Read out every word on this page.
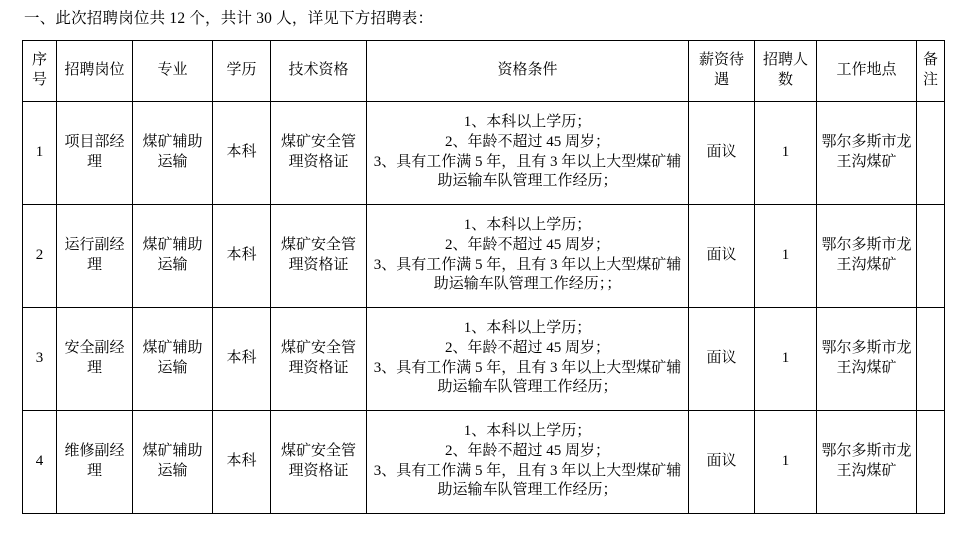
一、此次招聘岗位共 12 个，共计 30 人，详见下方招聘表：
序号	招聘岗位	专业	学历	技术资格	资格条件	薪资待遇	招聘人数	工作地点	备注
1	项目部经理	煤矿辅助运输	本科	煤矿安全管理资格证	1、本科以上学历；
2、年龄不超过 45 周岁；
3、具有工作满 5 年，且有 3 年以上大型煤矿辅助运输车队管理工作经历；	面议	1	鄂尔多斯市龙王沟煤矿	
2	运行副经理	煤矿辅助运输	本科	煤矿安全管理资格证	1、本科以上学历；
2、年龄不超过 45 周岁；
3、具有工作满 5 年，且有 3 年以上大型煤矿辅助运输车队管理工作经历；；	面议	1	鄂尔多斯市龙王沟煤矿	
3	安全副经理	煤矿辅助运输	本科	煤矿安全管理资格证	1、本科以上学历；
2、年龄不超过 45 周岁；
3、具有工作满 5 年，且有 3 年以上大型煤矿辅助运输车队管理工作经历；	面议	1	鄂尔多斯市龙王沟煤矿	
4	维修副经理	煤矿辅助运输	本科	煤矿安全管理资格证	1、本科以上学历；
2、年龄不超过 45 周岁；
3、具有工作满 5 年，且有 3 年以上大型煤矿辅助运输车队管理工作经历；	面议	1	鄂尔多斯市龙王沟煤矿	
